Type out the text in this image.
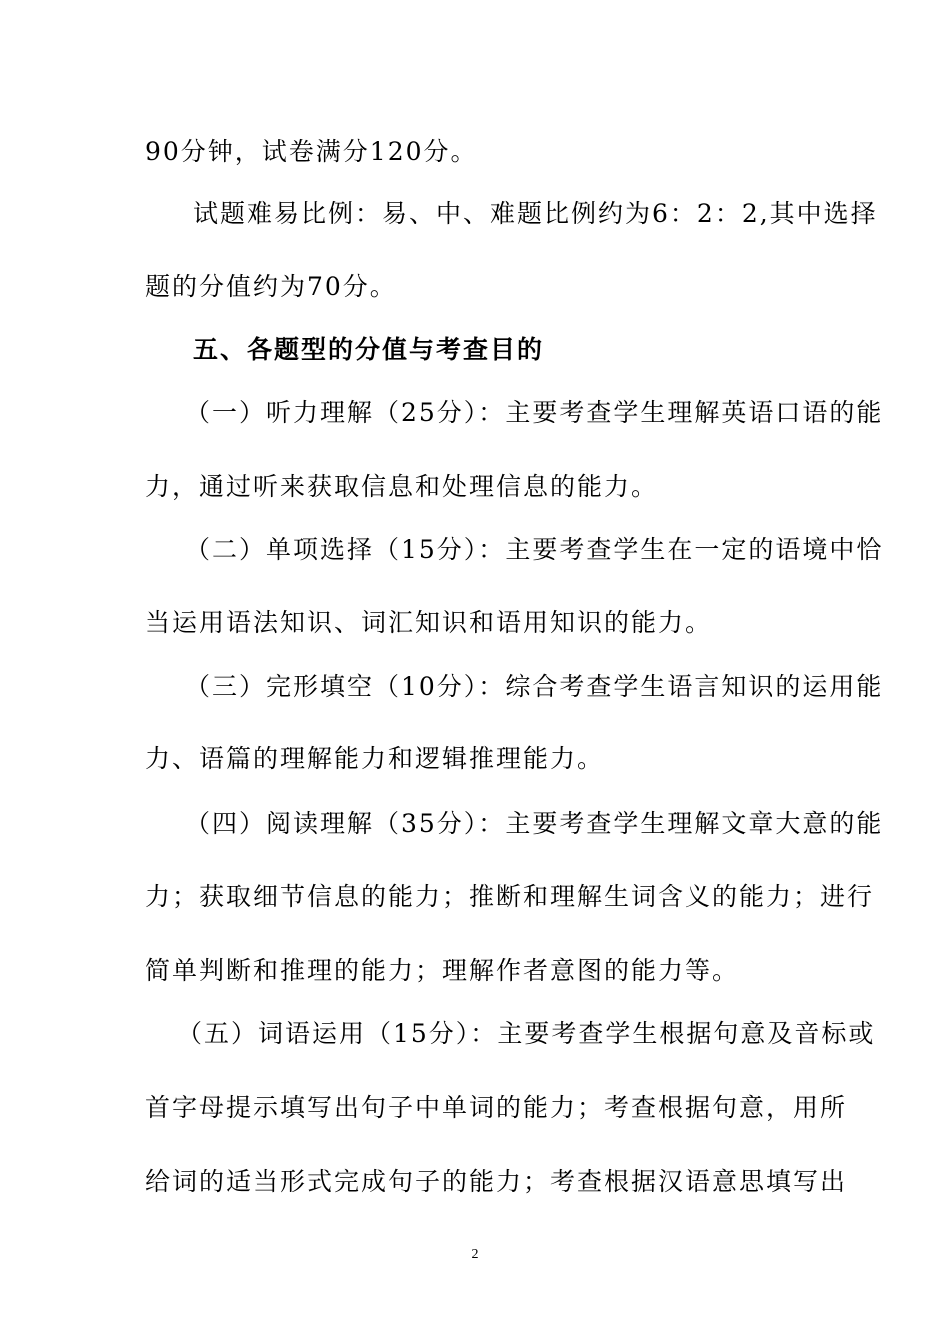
90分钟，试卷满分120分。
试题难易比例：易、中、难题比例约为6：2：2,其中选择
题的分值约为70分。
五、各题型的分值与考查目的
（一）听力理解（25分）：主要考查学生理解英语口语的能
力，通过听来获取信息和处理信息的能力。
（二）单项选择（15分）：主要考查学生在一定的语境中恰
当运用语法知识、词汇知识和语用知识的能力。
（三）完形填空（10分）：综合考查学生语言知识的运用能
力、语篇的理解能力和逻辑推理能力。
（四）阅读理解（35分）：主要考查学生理解文章大意的能
力；获取细节信息的能力；推断和理解生词含义的能力；进行
简单判断和推理的能力；理解作者意图的能力等。
（五）词语运用（15分）：主要考查学生根据句意及音标或
首字母提示填写出句子中单词的能力；考查根据句意，用所
给词的适当形式完成句子的能力；考查根据汉语意思填写出
2
